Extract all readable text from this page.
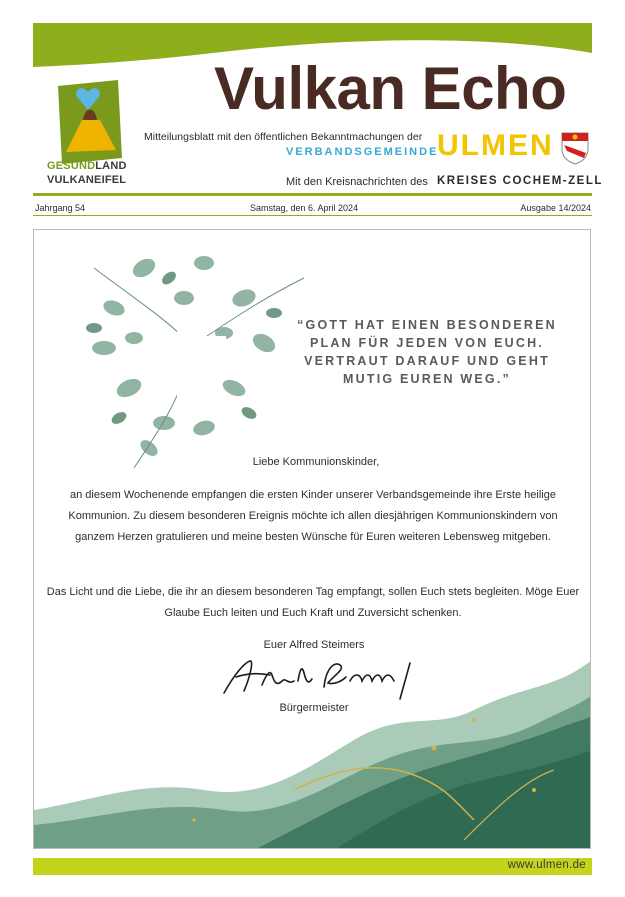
GESUNDLAND
VULKANEIFEL
Vulkan Echo
Mitteilungsblatt mit den öffentlichen Bekanntmachungen der
VERBANDSGEMEINDE
ULMEN
Mit den Kreisnachrichten des KREISES COCHEM-ZELL
Jahrgang 54	Samstag, den 6. April 2024	Ausgabe 14/2024
“GOTT HAT EINEN BESONDEREN PLAN FÜR JEDEN VON EUCH. VERTRAUT DARAUF UND GEHT MUTIG EUREN WEG.”
Liebe Kommunionskinder,
an diesem Wochenende empfangen die ersten Kinder unserer Verbandsgemeinde ihre Erste heilige Kommunion. Zu diesem besonderen Ereignis möchte ich allen diesjährigen Kommunionskindern von ganzem Herzen gratulieren und meine besten Wünsche für Euren weiteren Lebensweg mitgeben.
Das Licht und die Liebe, die ihr an diesem besonderen Tag empfangt, sollen Euch stets begleiten. Möge Euer Glaube Euch leiten und Euch Kraft und Zuversicht schenken.
Euer Alfred Steimers
Bürgermeister
www.ulmen.de
